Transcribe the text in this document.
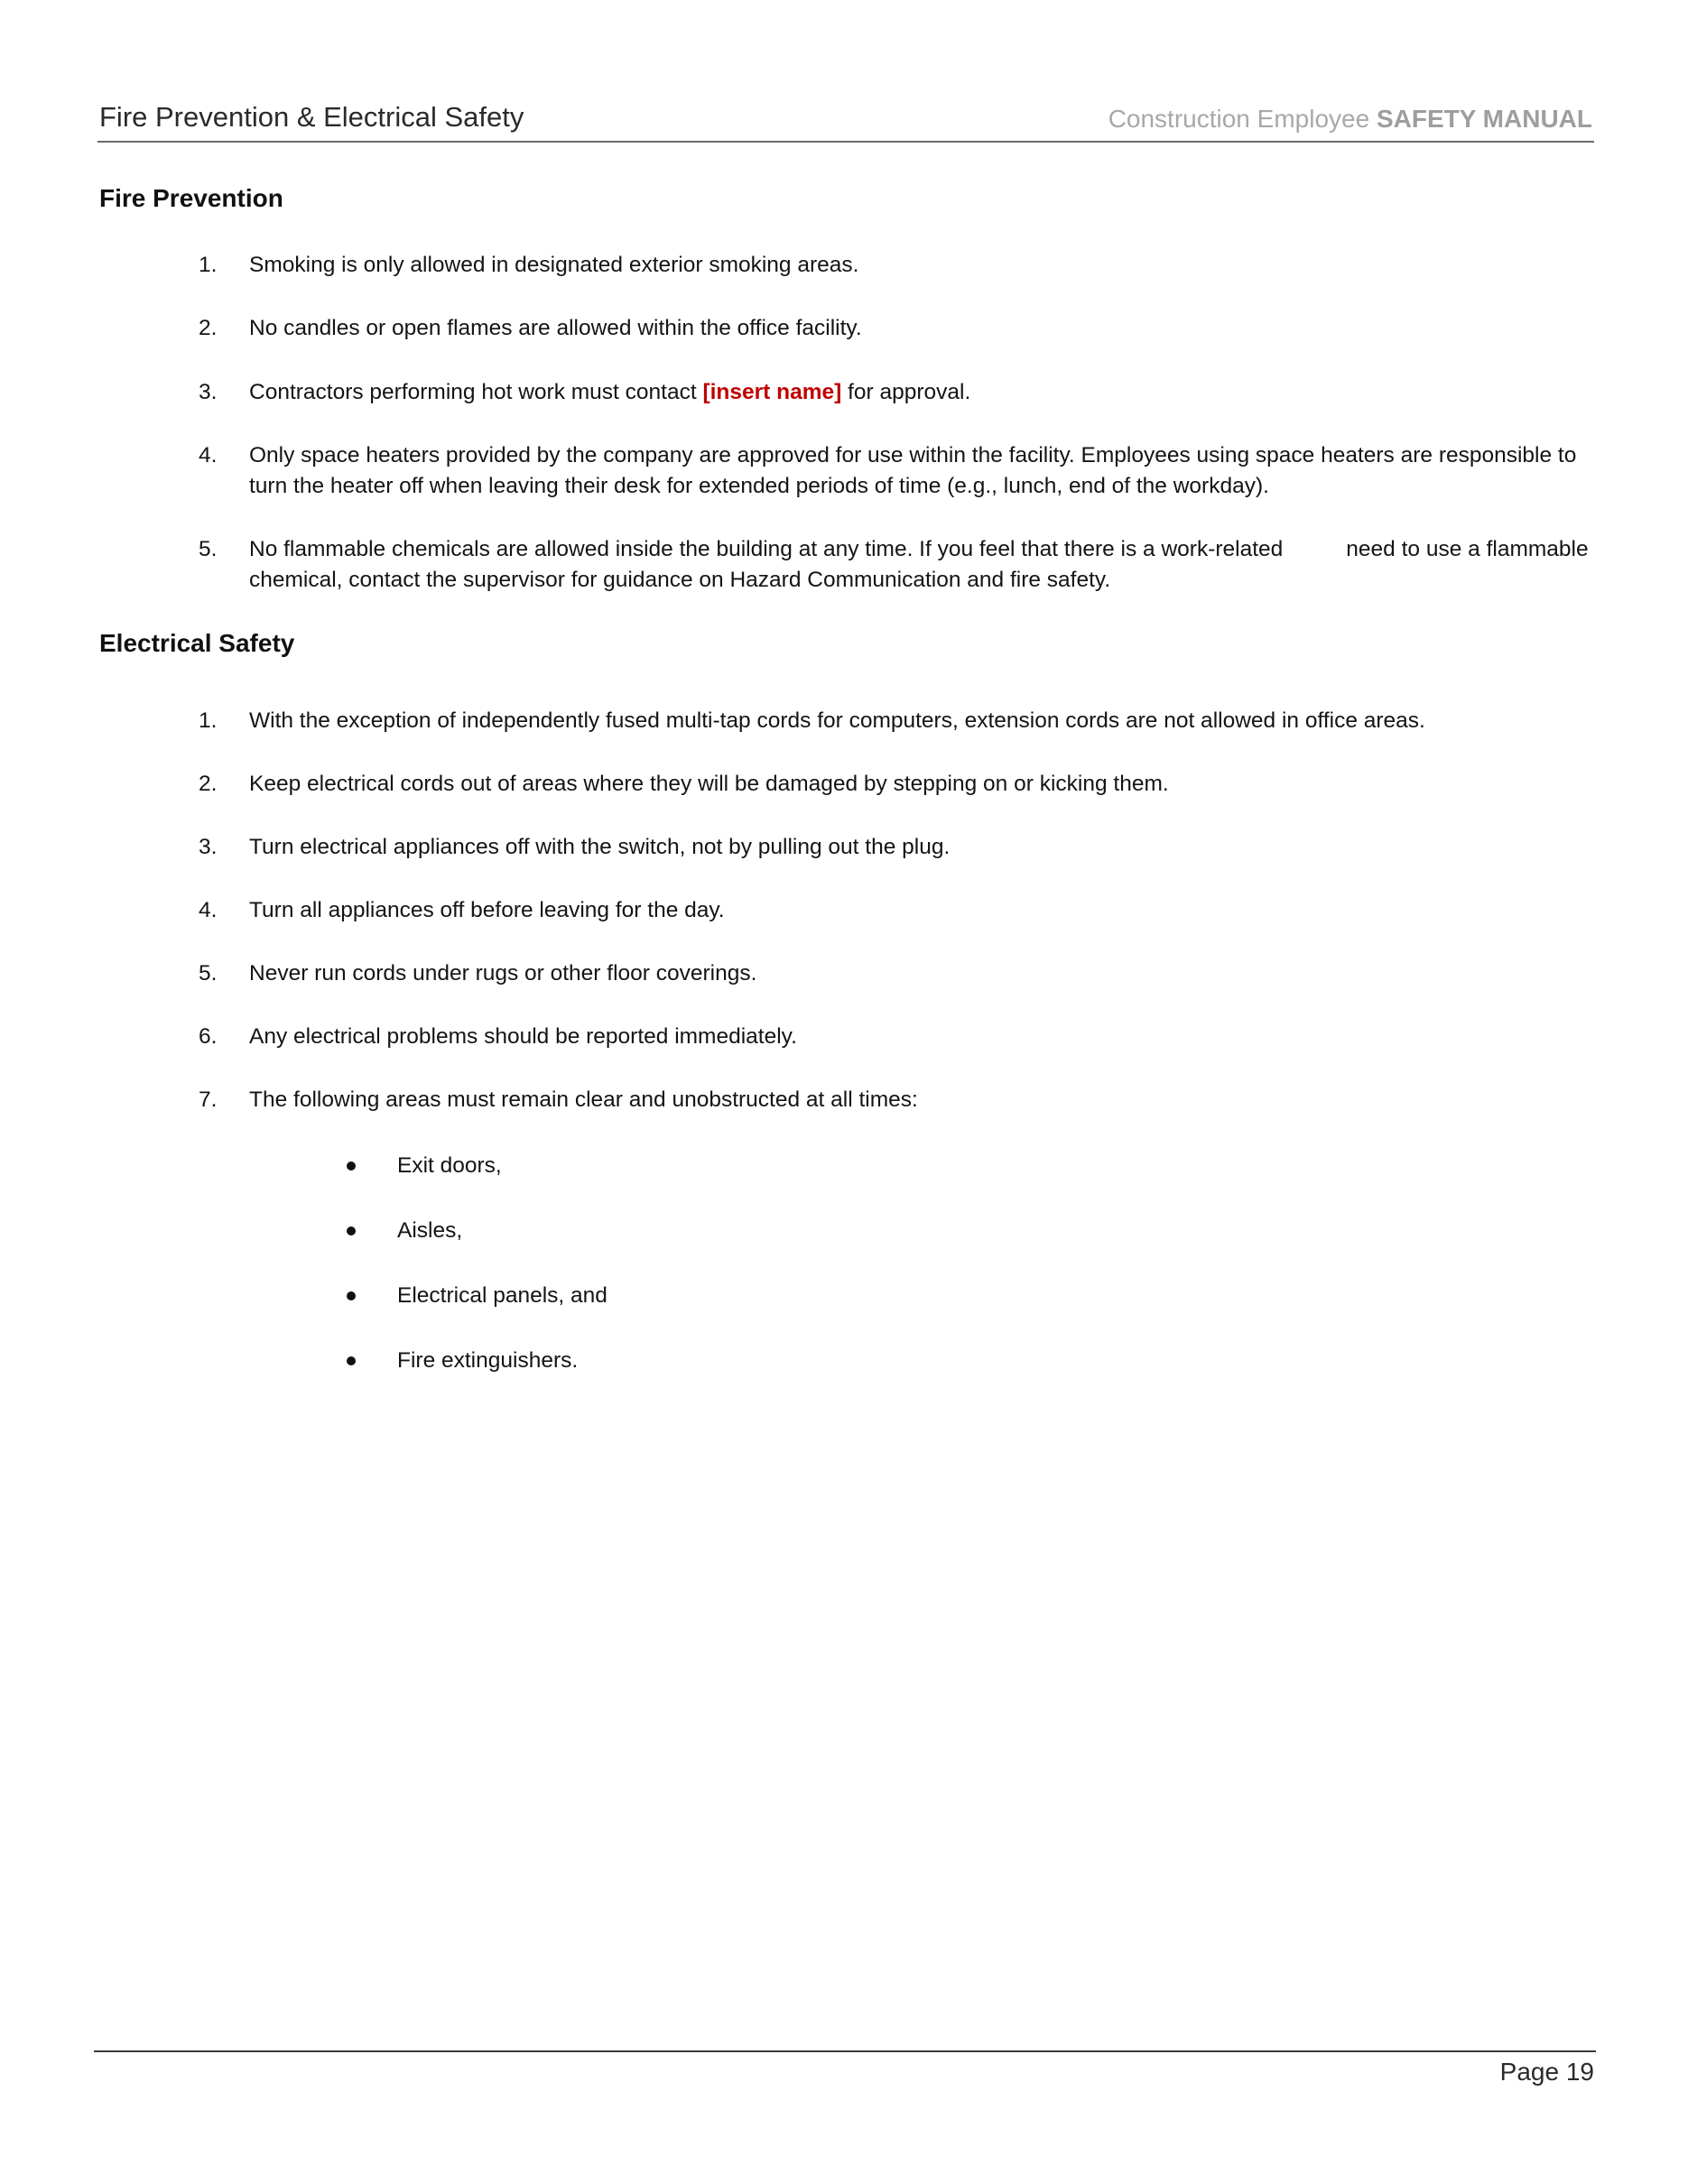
Fire Prevention & Electrical Safety	Construction Employee SAFETY MANUAL
Fire Prevention
1.	Smoking is only allowed in designated exterior smoking areas.
2.	No candles or open flames are allowed within the office facility.
3.	Contractors performing hot work must contact [insert name] for approval.
4.	Only space heaters provided by the company are approved for use within the facility. Employees using space heaters are responsible to turn the heater off when leaving their desk for extended periods of time (e.g., lunch, end of the workday).
5.	No flammable chemicals are allowed inside the building at any time. If you feel that there is a work-related	need to use a flammable chemical, contact the supervisor for guidance on Hazard Communication and fire safety.
Electrical Safety
1.	With the exception of independently fused multi-tap cords for computers, extension cords are not allowed in office areas.
2.	Keep electrical cords out of areas where they will be damaged by stepping on or kicking them.
3.	Turn electrical appliances off with the switch, not by pulling out the plug.
4.	Turn all appliances off before leaving for the day.
5.	Never run cords under rugs or other floor coverings.
6.	Any electrical problems should be reported immediately.
7.	The following areas must remain clear and unobstructed at all times:
Exit doors,
Aisles,
Electrical panels, and
Fire extinguishers.
Page 19
